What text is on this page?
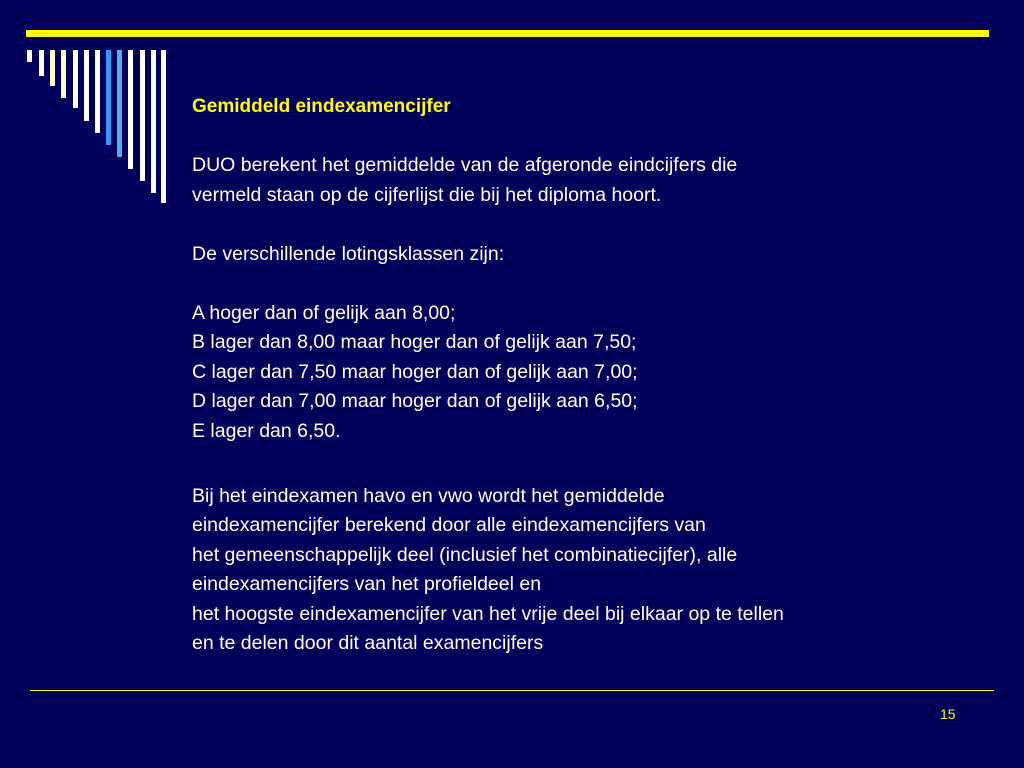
Gemiddeld eindexamencijfer

DUO berekent het gemiddelde van de afgeronde eindcijfers die

vermeld staan op de cijferlijst die bij het diploma hoort.

De verschillende lotingsklassen zijn:

A hoger dan of gelijk aan 8,00;

B lager dan 8,00 maar hoger dan of gelijk aan 7,50;

C lager dan 7,50 maar hoger dan of gelijk aan 7,00;

D lager dan 7,00 maar hoger dan of gelijk aan 6,50;

E lager dan 6,50.

Bij het eindexamen havo en vwo wordt het gemiddelde

eindexamencijfer berekend door alle eindexamencijfers van

het gemeenschappelijk deel (inclusief het combinatiecijfer), alle

eindexamencijfers van het profieldeel en

het hoogste eindexamencijfer van het vrije deel bij elkaar op te tellen

en te delen door dit aantal examencijfers

15
